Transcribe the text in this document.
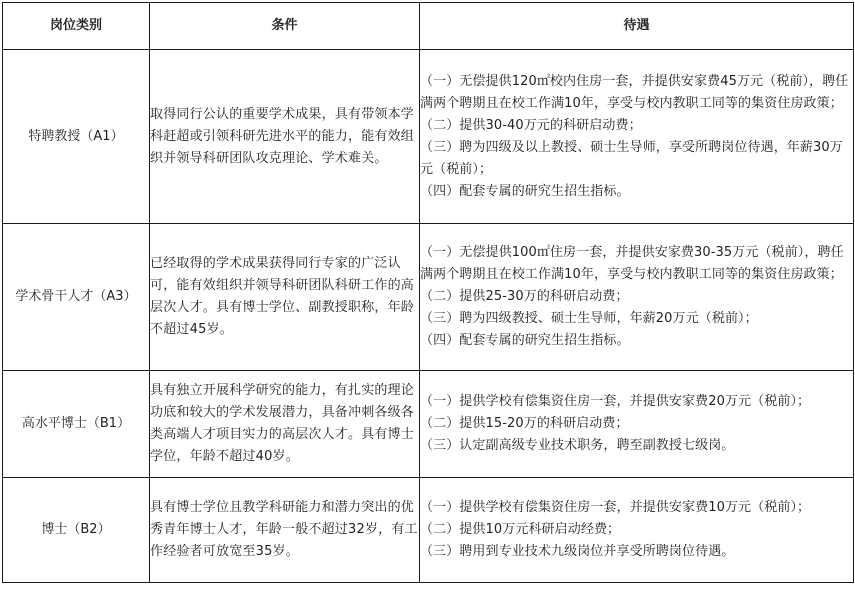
岗位类别	条件	待遇
特聘教授（A1）	取得同行公认的重要学术成果，具有带领本学科赶超或引领科研先进水平的能力，能有效组织并领导科研团队攻克理论、学术难关。	（一）无偿提供120㎡校内住房一套，并提供安家费45万元（税前），聘任满两个聘期且在校工作满10年，享受与校内教职工同等的集资住房政策；
（二）提供30-40万元的科研启动费；
（三）聘为四级及以上教授、硕士生导师，享受所聘岗位待遇，年薪30万元（税前）；
（四）配套专属的研究生招生指标。

学术骨干人才（A3）	已经取得的学术成果获得同行专家的广泛认可，能有效组织并领导科研团队科研工作的高层次人才。具有博士学位、副教授职称，年龄不超过45岁。	（一）无偿提供100㎡住房一套，并提供安家费30-35万元（税前），聘任满两个聘期且在校工作满10年，享受与校内教职工同等的集资住房政策；
（二）提供25-30万的科研启动费；
（三）聘为四级教授、硕士生导师，年薪20万元（税前）；
（四）配套专属的研究生招生指标。

高水平博士（B1）	具有独立开展科学研究的能力，有扎实的理论功底和较大的学术发展潜力，具备冲刺各级各类高端人才项目实力的高层次人才。具有博士学位，年龄不超过40岁。	（一）提供学校有偿集资住房一套，并提供安家费20万元（税前）；
（二）提供15-20万的科研启动费；
（三）认定副高级专业技术职务，聘至副教授七级岗。

博士（B2）	具有博士学位且教学科研能力和潜力突出的优秀青年博士人才，年龄一般不超过32岁，有工作经验者可放宽至35岁。	（一）提供学校有偿集资住房一套，并提供安家费10万元（税前）；
（二）提供10万元科研启动经费；
（三）聘用到专业技术九级岗位并享受所聘岗位待遇。
